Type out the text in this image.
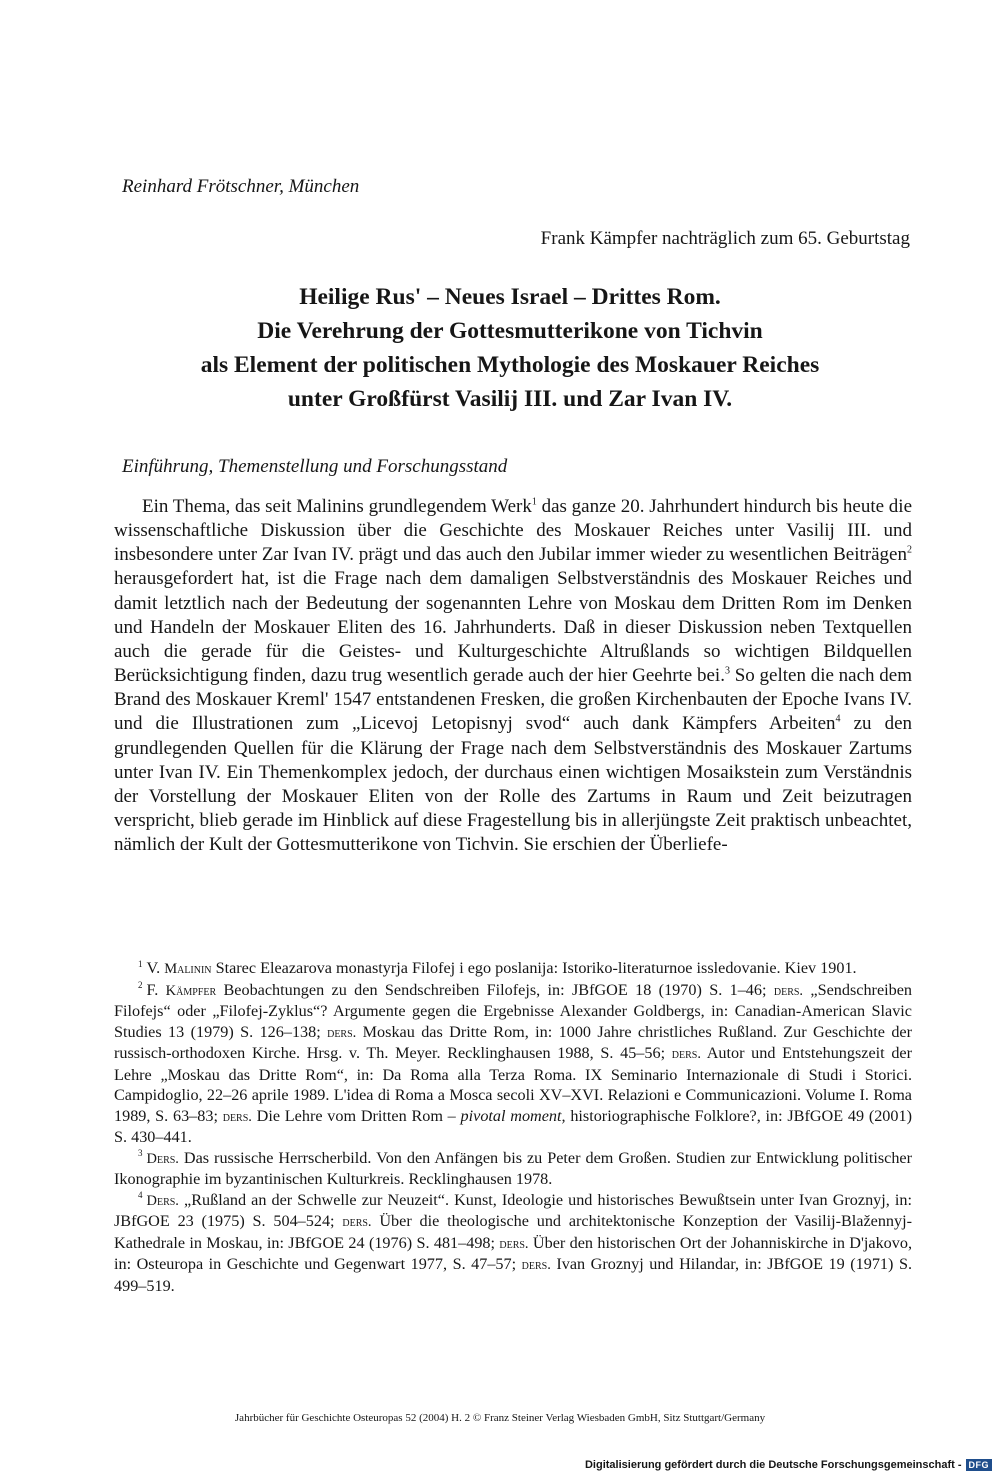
Reinhard Frötschner, München
Frank Kämpfer nachträglich zum 65. Geburtstag
Heilige Rus' – Neues Israel – Drittes Rom.
Die Verehrung der Gottesmutterikone von Tichvin
als Element der politischen Mythologie des Moskauer Reiches
unter Großfürst Vasilij III. und Zar Ivan IV.
Einführung, Themenstellung und Forschungsstand
Ein Thema, das seit Malinins grundlegendem Werk$^1$ das ganze 20. Jahrhundert hindurch bis heute die wissenschaftliche Diskussion über die Geschichte des Moskauer Reiches unter Vasilij III. und insbesondere unter Zar Ivan IV. prägt und das auch den Jubilar immer wieder zu wesentlichen Beiträgen$^2$ herausgefordert hat, ist die Frage nach dem damaligen Selbstverständnis des Moskauer Reiches und damit letztlich nach der Bedeutung der sogenannten Lehre von Moskau dem Dritten Rom im Denken und Handeln der Moskauer Eliten des 16. Jahrhunderts. Daß in dieser Diskussion neben Textquellen auch die gerade für die Geistes- und Kulturgeschichte Altrußlands so wichtigen Bildquellen Berücksichtigung finden, dazu trug wesentlich gerade auch der hier Geehrte bei.$^3$ So gelten die nach dem Brand des Moskauer Kreml' 1547 entstandenen Fresken, die großen Kirchenbauten der Epoche Ivans IV. und die Illustrationen zum „Licevoj Letopisnyj svod“ auch dank Kämpfers Arbeiten$^4$ zu den grundlegenden Quellen für die Klärung der Frage nach dem Selbstverständnis des Moskauer Zartums unter Ivan IV. Ein Themenkomplex jedoch, der durchaus einen wichtigen Mosaikstein zum Verständnis der Vorstellung der Moskauer Eliten von der Rolle des Zartums in Raum und Zeit beizutragen verspricht, blieb gerade im Hinblick auf diese Fragestellung bis in allerjüngste Zeit praktisch unbeachtet, nämlich der Kult der Gottesmutterikone von Tichvin. Sie erschien der Überliefe-

$^1$ V. Malinin Starec Eleazarova monastyrja Filofej i ego poslanija: Istoriko-literaturnoe issledovanie. Kiev 1901.

$^2$ F. Kämpfer Beobachtungen zu den Sendschreiben Filofejs, in: JBfGOE 18 (1970) S. 1–46; ders. „Sendschreiben Filofejs“ oder „Filofej-Zyklus“? Argumente gegen die Ergebnisse Alexander Goldbergs, in: Canadian-American Slavic Studies 13 (1979) S. 126–138; ders. Moskau das Dritte Rom, in: 1000 Jahre christliches Rußland. Zur Geschichte der russisch-orthodoxen Kirche. Hrsg. v. Th. Meyer. Recklinghausen 1988, S. 45–56; ders. Autor und Entstehungszeit der Lehre „Moskau das Dritte Rom“, in: Da Roma alla Terza Roma. IX Seminario Internazionale di Studi i Storici. Campidoglio, 22–26 aprile 1989. L'idea di Roma a Mosca secoli XV–XVI. Relazioni e Communicazioni. Volume I. Roma 1989, S. 63–83; ders. Die Lehre vom Dritten Rom – pivotal moment, historiographische Folklore?, in: JBfGOE 49 (2001) S. 430–441.

$^3$ Ders. Das russische Herrscherbild. Von den Anfängen bis zu Peter dem Großen. Studien zur Entwicklung politischer Ikonographie im byzantinischen Kulturkreis. Recklinghausen 1978.

$^4$ Ders. „Rußland an der Schwelle zur Neuzeit“. Kunst, Ideologie und historisches Bewußtsein unter Ivan Groznyj, in: JBfGOE 23 (1975) S. 504–524; ders. Über die theologische und architektonische Konzeption der Vasilij-Blažennyj-Kathedrale in Moskau, in: JBfGOE 24 (1976) S. 481–498; ders. Über den historischen Ort der Johanniskirche in D'jakovo, in: Osteuropa in Geschichte und Gegenwart 1977, S. 47–57; ders. Ivan Groznyj und Hilandar, in: JBfGOE 19 (1971) S. 499–519.

Jahrbücher für Geschichte Osteuropas 52 (2004) H. 2 © Franz Steiner Verlag Wiesbaden GmbH, Sitz Stuttgart/Germany
Digitalisierung gefördert durch die Deutsche Forschungsgemeinschaft - DFG
